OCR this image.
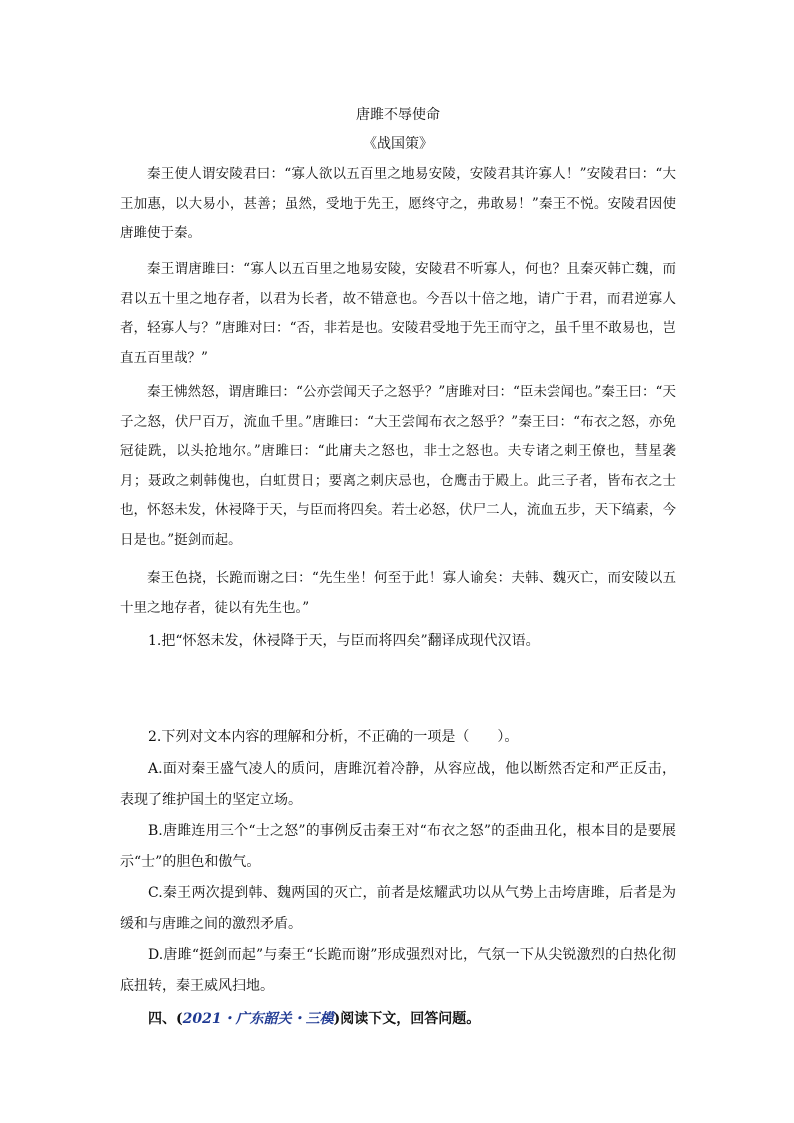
唐雎不辱使命
《战国策》
秦王使人谓安陵君曰：“寡人欲以五百里之地易安陵，安陵君其许寡人！”安陵君曰：“大王加惠，以大易小，甚善；虽然，受地于先王，愿终守之，弗敢易！”秦王不悦。安陵君因使唐雎使于秦。
秦王谓唐雎曰：“寡人以五百里之地易安陵，安陵君不听寡人，何也？且秦灭韩亡魏，而君以五十里之地存者，以君为长者，故不错意也。今吾以十倍之地，请广于君，而君逆寡人者，轻寡人与？”唐雎对曰：“否，非若是也。安陵君受地于先王而守之，虽千里不敢易也，岂直五百里哉？”
秦王怫然怒，谓唐雎曰：“公亦尝闻天子之怒乎？”唐雎对曰：“臣未尝闻也。”秦王曰：“天子之怒，伏尸百万，流血千里。”唐雎曰：“大王尝闻布衣之怒乎？”秦王曰：“布衣之怒，亦免冠徒跣，以头抢地尔。”唐雎曰：“此庸夫之怒也，非士之怒也。夫专诸之刺王僚也，彗星袭月；聂政之刺韩傀也，白虹贯日；要离之刺庆忌也，仓鹰击于殿上。此三子者，皆布衣之士也，怀怒未发，休祲降于天，与臣而将四矣。若士必怒，伏尸二人，流血五步，天下缟素，今日是也。”挺剑而起。
秦王色挠，长跪而谢之曰：“先生坐！何至于此！寡人谕矣：夫韩、魏灭亡，而安陵以五十里之地存者，徒以有先生也。”
1.把“怀怒未发，休祲降于天，与臣而将四矣”翻译成现代汉语。
2.下列对文本内容的理解和分析，不正确的一项是（　　）。
A.面对秦王盛气凌人的质问，唐雎沉着冷静，从容应战，他以断然否定和严正反击，表现了维护国土的坚定立场。
B.唐雎连用三个“士之怒”的事例反击秦王对“布衣之怒”的歪曲丑化，根本目的是要展示“士”的胆色和傲气。
C.秦王两次提到韩、魏两国的灭亡，前者是炫耀武功以从气势上击垮唐雎，后者是为缓和与唐雎之间的激烈矛盾。
D.唐雎“挺剑而起”与秦王“长跪而谢”形成强烈对比，气氛一下从尖锐激烈的白热化彻底扭转，秦王威风扫地。
四、(2021・广东韶关・三模)阅读下文，回答问题。
